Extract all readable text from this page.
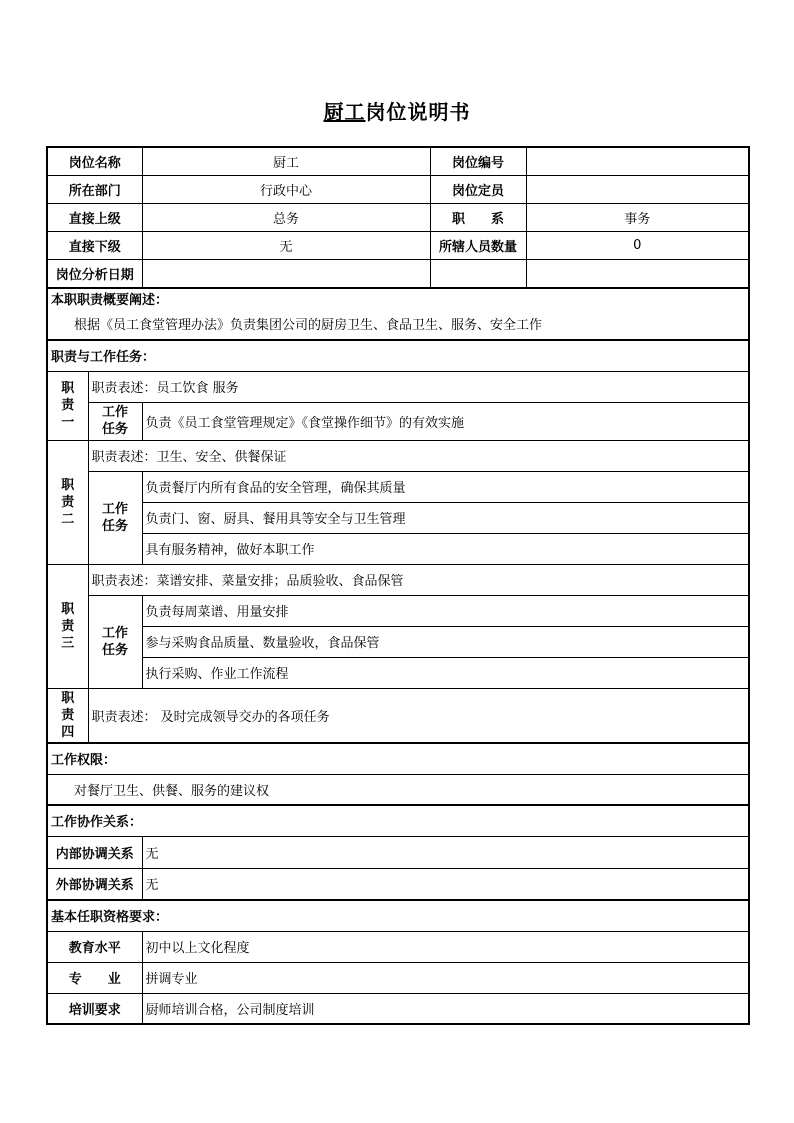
厨工岗位说明书
岗位名称		厨工	岗位编号	
所在部门		行政中心	岗位定员	
直接上级		总务	职　　系	事务
直接下级		无	所辖人员数量	0
岗位分析日期				
本职职责概要阐述：				
根据《员工食堂管理办法》负责集团公司的厨房卫生、食品卫生、服务、安全工作				
职责与工作任务：				
职责一	职责表述：员工饮食 服务			
	工作任务	负责《员工食堂管理规定》《食堂操作细节》的有效实施		
职责二	职责表述：卫生、安全、供餐保证			
	工作任务	负责餐厅内所有食品的安全管理，确保其质量		
		负责门、窗、厨具、餐用具等安全与卫生管理		
		具有服务精神，做好本职工作		
职责三	职责表述：菜谱安排、菜量安排；品质验收、食品保管			
	工作任务	负责每周菜谱、用量安排		
		参与采购食品质量、数量验收，食品保管		
		执行采购、作业工作流程		
职责四	职责表述： 及时完成领导交办的各项任务			
工作权限：				
对餐厅卫生、供餐、服务的建议权				
工作协作关系：				
内部协调关系		无		
外部协调关系		无		
基本任职资格要求：				
教育水平		初中以上文化程度		
专　　业		拼调专业		
培训要求		厨师培训合格，公司制度培训		
